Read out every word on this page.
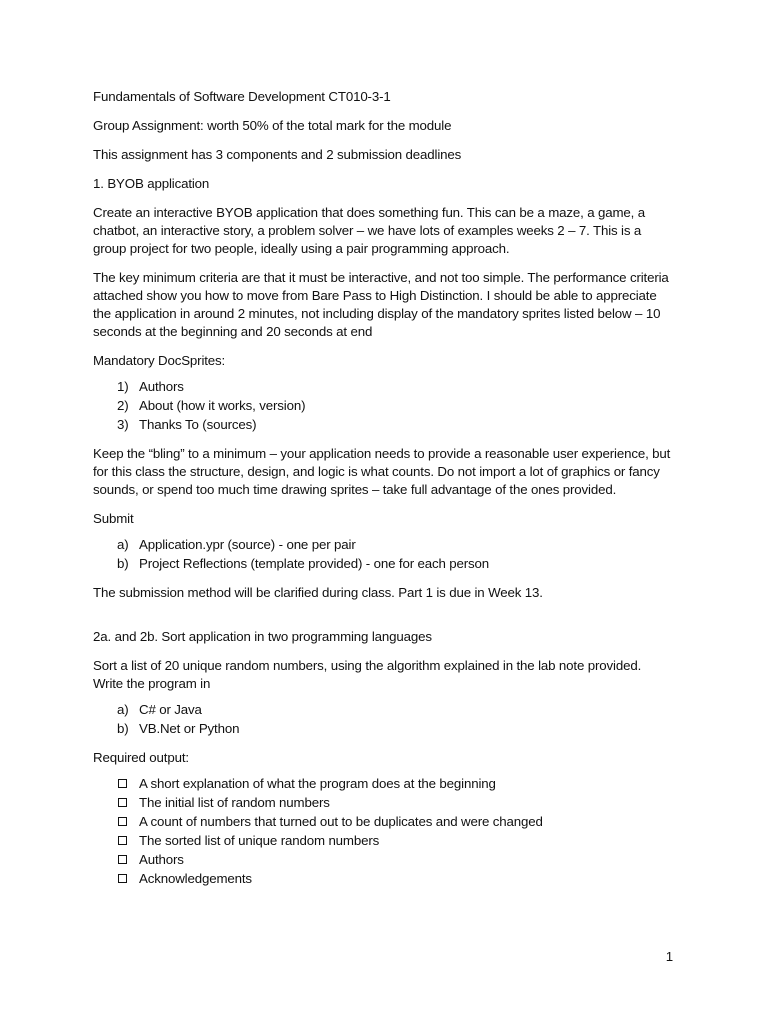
Fundamentals of Software Development CT010-3-1

Group Assignment: worth 50% of the total mark for the module

This assignment has 3 components and 2 submission deadlines

1. BYOB application

Create an interactive BYOB application that does something fun. This can be a maze, a game, a chatbot, an interactive story, a problem solver – we have lots of examples weeks 2 – 7. This is a group project for two people, ideally using a pair programming approach.

The key minimum criteria are that it must be interactive, and not too simple. The performance criteria attached show you how to move from Bare Pass to High Distinction. I should be able to appreciate the application in around 2 minutes, not including display of the mandatory sprites listed below – 10 seconds at the beginning and 20 seconds at end

Mandatory DocSprites:

1) Authors
2) About (how it works, version)
3) Thanks To (sources)

Keep the “bling” to a minimum – your application needs to provide a reasonable user experience, but for this class the structure, design, and logic is what counts. Do not import a lot of graphics or fancy sounds, or spend too much time drawing sprites – take full advantage of the ones provided.

Submit

a) Application.ypr (source) - one per pair
b) Project Reflections (template provided) - one for each person

The submission method will be clarified during class. Part 1 is due in Week 13.

2a. and 2b. Sort application in two programming languages

Sort a list of 20 unique random numbers, using the algorithm explained in the lab note provided. Write the program in

a) C# or Java
b) VB.Net or Python

Required output:

A short explanation of what the program does at the beginning
The initial list of random numbers
A count of numbers that turned out to be duplicates and were changed
The sorted list of unique random numbers
Authors
Acknowledgements
1
